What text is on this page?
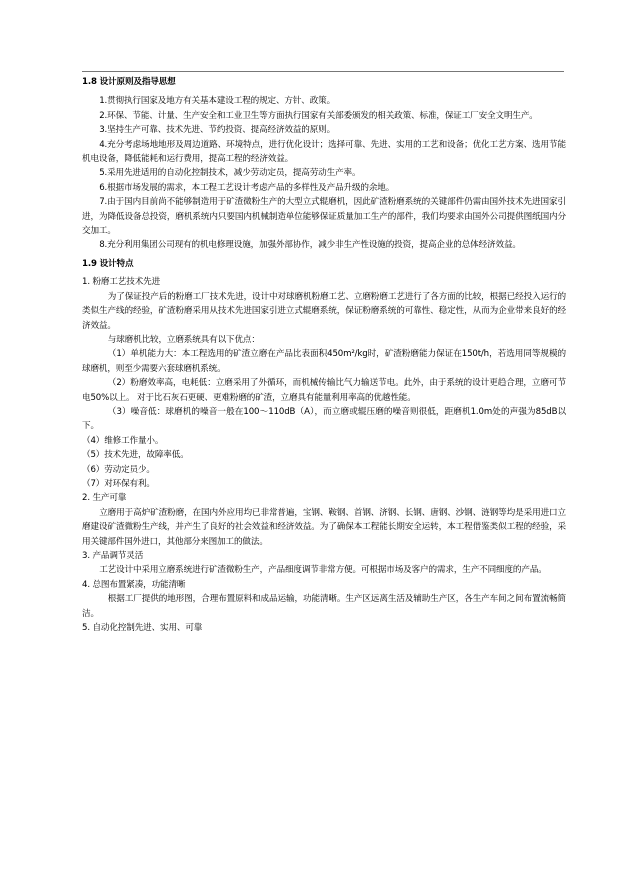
1.8 设计原则及指导思想

1.贯彻执行国家及地方有关基本建设工程的规定、方针、政策。

2.环保、节能、计量、生产安全和工业卫生等方面执行国家有关部委颁发的相关政策、标准，保证工厂安全文明生产。

3.坚持生产可靠、技术先进、节约投资、提高经济效益的原则。

4.充分考虑场地地形及周边道路、环境特点，进行优化设计；选择可靠、先进、实用的工艺和设备；优化工艺方案、选用节能机电设备，降低能耗和运行费用，提高工程的经济效益。

5.采用先进适用的自动化控制技术，减少劳动定员，提高劳动生产率。

6.根据市场发展的需求，本工程工艺设计考虑产品的多样性及产品升级的余地。

7.由于国内目前尚不能够制造用于矿渣微粉生产的大型立式辊磨机，因此矿渣粉磨系统的关键部件仍需由国外技术先进国家引进，为降低设备总投资，磨机系统内只要国内机械制造单位能够保证质量加工生产的部件，我们均要求由国外公司提供图纸国内分交加工。

8.充分利用集团公司现有的机电修理设施，加强外部协作，减少非生产性设施的投资，提高企业的总体经济效益。

1.9 设计特点

1. 粉磨工艺技术先进

为了保证投产后的粉磨工厂技术先进，设计中对球磨机粉磨工艺、立磨粉磨工艺进行了各方面的比较，根据已经投入运行的类似生产线的经验，矿渣粉磨采用从技术先进国家引进立式辊磨系统，保证粉磨系统的可靠性、稳定性，从而为企业带来良好的经济效益。

与球磨机比较，立磨系统具有以下优点：

（1）单机能力大：本工程选用的矿渣立磨在产品比表面积450m²/kg时，矿渣粉磨能力保证在150t/h，若选用同等规模的球磨机，则至少需要六套球磨机系统。

（2）粉磨效率高，电耗低：立磨采用了外循环，而机械传输比气力输送节电。此外，由于系统的设计更趋合理，立磨可节电50%以上。 对于比石灰石更硬、更难粉磨的矿渣，立磨具有能量利用率高的优越性能。

（3）噪音低：球磨机的噪音一般在100～110dB（A），而立磨或辊压磨的噪音则很低，距磨机1.0m处的声强为85dB以下。

（4）维修工作量小。

（5）技术先进，故障率低。

（6）劳动定员少。

（7）对环保有利。

2. 生产可靠

立磨用于高炉矿渣粉磨，在国内外应用均已非常普遍，宝钢、鞍钢、首钢、济钢、长钢、唐钢、沙钢、涟钢等均是采用进口立磨建设矿渣微粉生产线，并产生了良好的社会效益和经济效益。为了确保本工程能长期安全运转，本工程借鉴类似工程的经验，采用关键部件国外进口，其他部分来图加工的做法。

3. 产品调节灵活

工艺设计中采用立磨系统进行矿渣微粉生产，产品细度调节非常方便。可根据市场及客户的需求，生产不同细度的产品。

4. 总图布置紧凑，功能清晰

根据工厂提供的地形图，合理布置原料和成品运输，功能清晰。生产区远离生活及辅助生产区，各生产车间之间布置流畅简洁。

5. 自动化控制先进、实用、可靠
